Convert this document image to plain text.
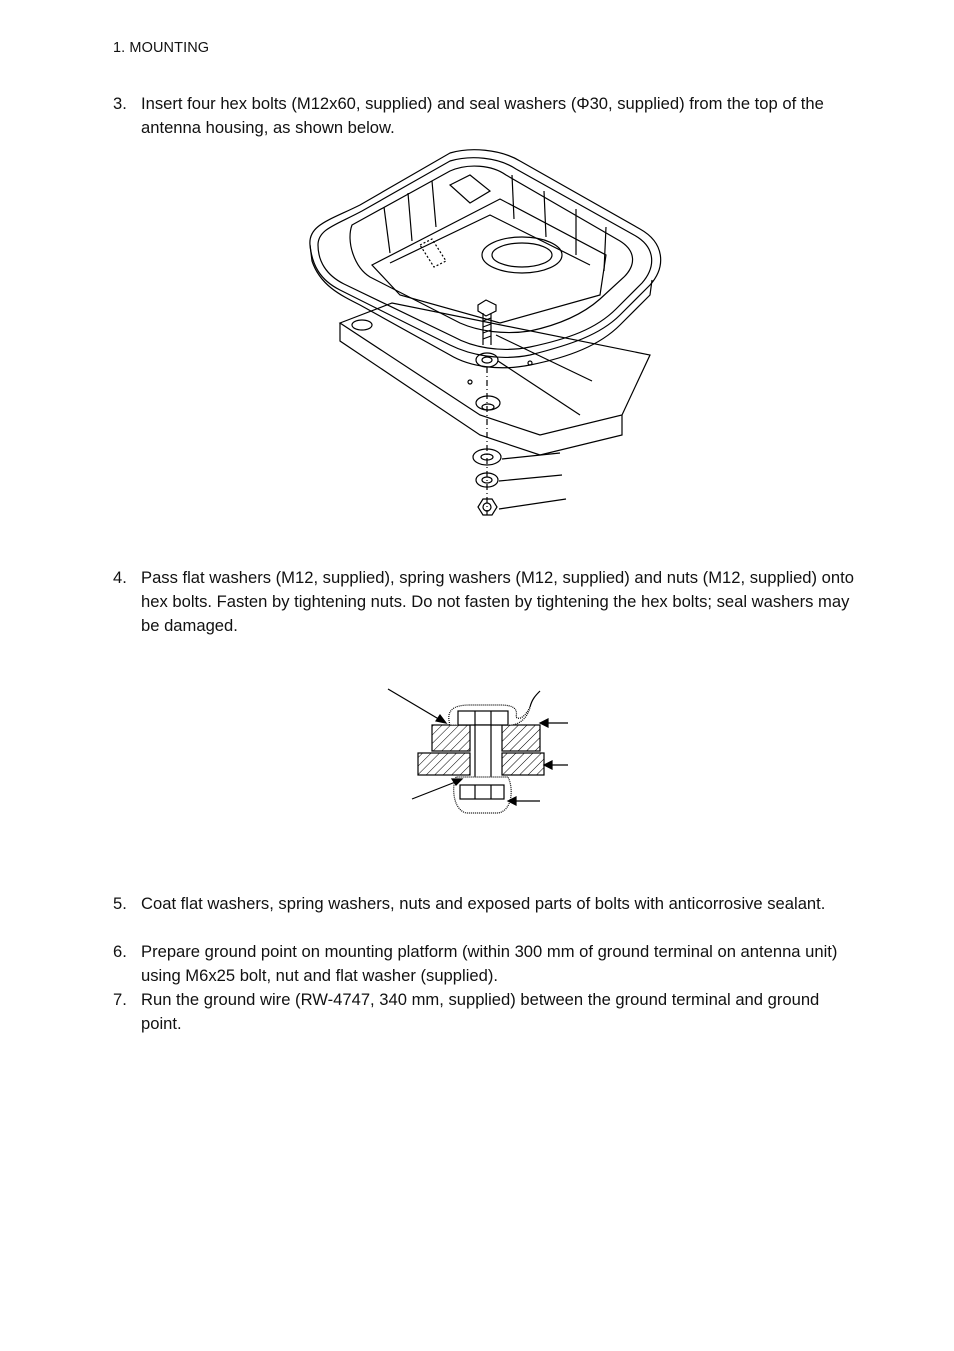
1. MOUNTING
3. Insert four hex bolts (M12x60, supplied) and seal washers (Φ30, supplied) from the top of the antenna housing, as shown below.
4. Pass flat washers (M12, supplied), spring washers (M12, supplied) and nuts (M12, supplied) onto hex bolts. Fasten by tightening nuts. Do not fasten by tightening the hex bolts; seal washers may be damaged.
5. Coat flat washers, spring washers, nuts and exposed parts of bolts with anticorrosive sealant.
6. Prepare ground point on mounting platform (within 300 mm of ground terminal on antenna unit) using M6x25 bolt, nut and flat washer (supplied).
7. Run the ground wire (RW-4747, 340 mm, supplied) between the ground terminal and ground point.
